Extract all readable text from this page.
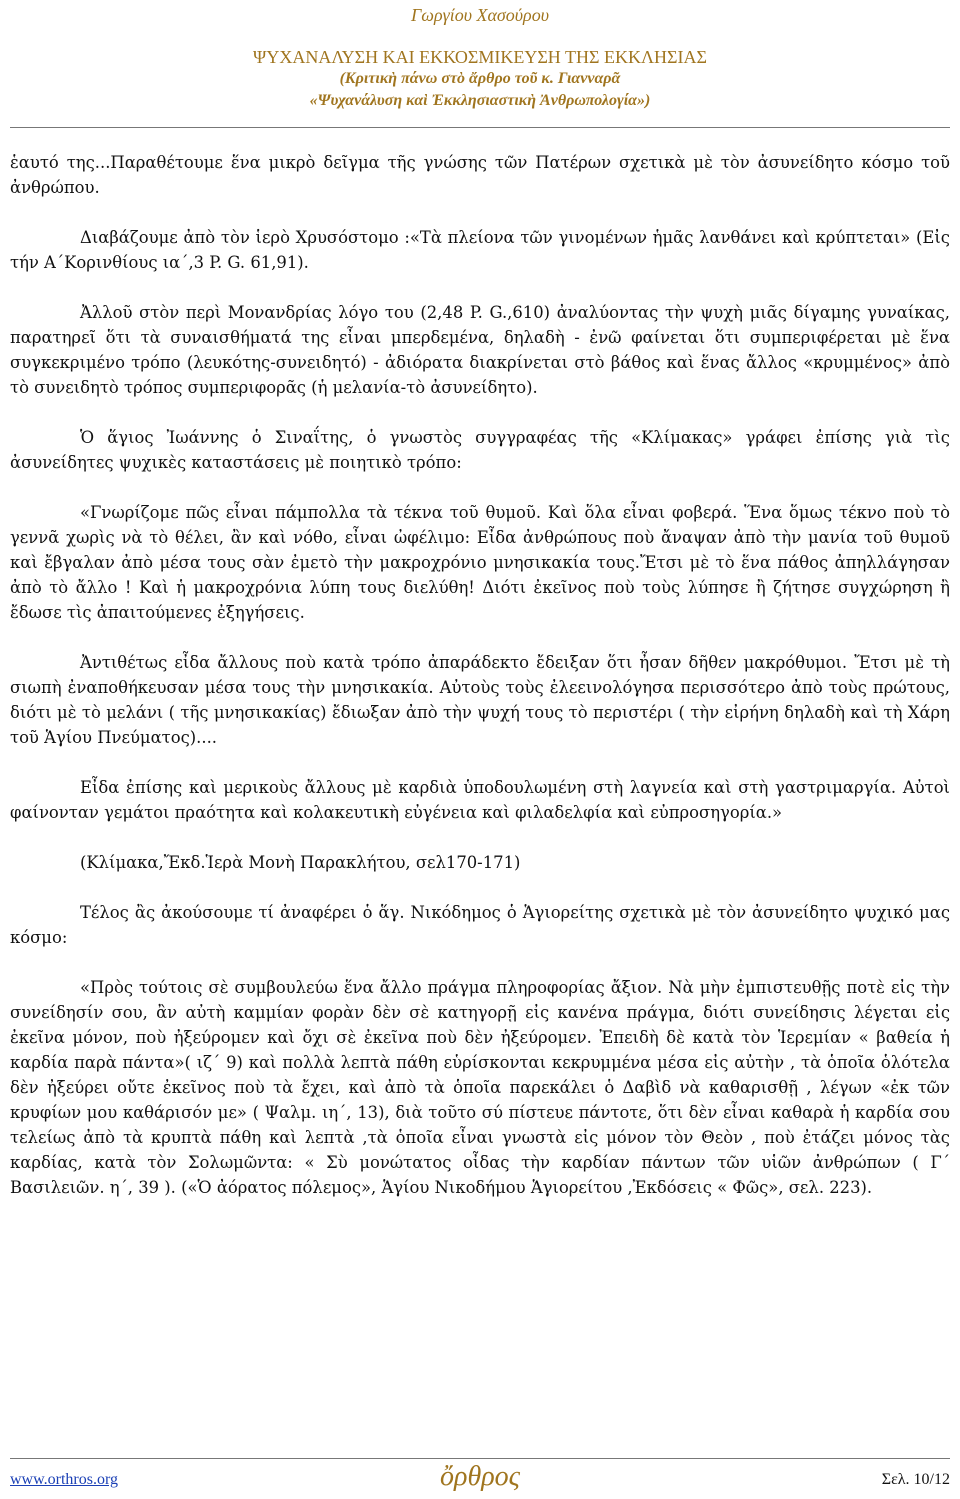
Γωργίου Χασούρου
ΨΥΧΑΝΑΛΥΣΗ ΚΑΙ ΕΚΚΟΣΜΙΚΕΥΣΗ ΤΗΣ ΕΚΚΛΗΣΙΑΣ
(Κριτικὴ πάνω στὸ ἄρθρο τοῦ κ. Γιανναρᾶ
«Ψυχανάλυση καὶ Ἐκκλησιαστικὴ Ἀνθρωπολογία»)

ἑαυτό της...Παραθέτουμε ἕνα μικρὸ δεῖγμα τῆς γνώσης τῶν Πατέρων σχετικὰ μὲ τὸν ἀσυνείδητο κόσμο τοῦ ἀνθρώπου.

Διαβάζουμε ἀπὸ τὸν ἱερὸ Χρυσόστομο :«Τὰ πλείονα τῶν γινομένων ἡμᾶς λανθάνει καὶ κρύπτεται» (Εἰς τήν Α΄Κορινθίους ια΄,3 P. G. 61,91).

Ἀλλοῦ στὸν περὶ Μονανδρίας λόγο του (2,48 P. G.,610) ἀναλύοντας τὴν ψυχὴ μιᾶς δίγαμης γυναίκας, παρατηρεῖ ὅτι τὰ συναισθήματά της εἶναι μπερδεμένα, δηλαδὴ - ἐνῶ φαίνεται ὅτι συμπεριφέρεται μὲ ἕνα συγκεκριμένο τρόπο (λευκότης-συνειδητό) - ἀδιόρατα διακρίνεται στὸ βάθος καὶ ἕνας ἄλλος «κρυμμένος» ἀπὸ τὸ συνειδητὸ τρόπος συμπεριφορᾶς (ἡ μελανία-τὸ ἀσυνείδητο).

Ὁ ἅγιος Ἰωάννης ὁ Σιναΐτης, ὁ γνωστὸς συγγραφέας τῆς «Κλίμακας» γράφει ἐπίσης γιὰ τὶς ἀσυνείδητες ψυχικὲς καταστάσεις μὲ ποιητικὸ τρόπο:

«Γνωρίζομε πῶς εἶναι πάμπολλα τὰ τέκνα τοῦ θυμοῦ. Καὶ ὅλα εἶναι φοβερά. Ἕνα ὅμως τέκνο ποὺ τὸ γεννᾶ χωρὶς νὰ τὸ θέλει, ἂν καὶ νόθο, εἶναι ὠφέλιμο: Εἶδα ἀνθρώπους ποὺ ἄναψαν ἀπὸ τὴν μανία τοῦ θυμοῦ καὶ ἔβγαλαν ἀπὸ μέσα τους σὰν ἐμετὸ τὴν μακροχρόνιο μνησικακία τους.Ἔτσι μὲ τὸ ἕνα πάθος ἀπηλλάγησαν ἀπὸ τὸ ἄλλο ! Καὶ ἡ μακροχρόνια λύπη τους διελύθη! Διότι ἐκεῖνος ποὺ τοὺς λύπησε ἢ ζήτησε συγχώρηση ἢ ἔδωσε τὶς ἀπαιτούμενες ἐξηγήσεις.

Ἀντιθέτως εἶδα ἄλλους ποὺ κατὰ τρόπο ἀπαράδεκτο ἔδειξαν ὅτι ἦσαν δῆθεν μακρόθυμοι. Ἔτσι μὲ τὴ σιωπὴ ἐναποθήκευσαν μέσα τους τὴν μνησικακία. Αὐτοὺς τοὺς ἐλεεινολόγησα περισσότερο ἀπὸ τοὺς πρώτους, διότι μὲ τὸ μελάνι ( τῆς μνησικακίας) ἔδιωξαν ἀπὸ τὴν ψυχή τους τὸ περιστέρι ( τὴν εἰρήνη δηλαδὴ καὶ τὴ Χάρη τοῦ Ἁγίου Πνεύματος)....

Εἶδα ἐπίσης καὶ μερικοὺς ἄλλους μὲ καρδιὰ ὑποδουλωμένη στὴ λαγνεία καὶ στὴ γαστριμαργία. Αὐτοὶ φαίνονταν γεμάτοι πραότητα καὶ κολακευτικὴ εὐγένεια καὶ φιλαδελφία καὶ εὐπροσηγορία.»

(Κλίμακα,Ἔκδ.Ἱερὰ Μονὴ Παρακλήτου, σελ170-171)

Τέλος ἂς ἀκούσουμε τί ἀναφέρει ὁ ἅγ. Νικόδημος ὁ Ἁγιορείτης σχετικὰ μὲ τὸν ἀσυνείδητο ψυχικό μας κόσμο:

«Πρὸς τούτοις σὲ συμβουλεύω ἕνα ἄλλο πράγμα πληροφορίας ἄξιον. Νὰ μὴν ἐμπιστευθῇς ποτὲ εἰς τὴν συνείδησίν σου, ἂν αὐτὴ καμμίαν φορὰν δὲν σὲ κατηγορῇ εἰς κανένα πράγμα, διότι συνείδησις λέγεται εἰς ἐκεῖνα μόνον, ποὺ ἠξεύρομεν καὶ ὄχι σὲ ἐκεῖνα ποὺ δὲν ἠξεύρομεν. Ἐπειδὴ δὲ κατὰ τὸν Ἱερεμίαν « βαθεία ἡ καρδία παρὰ πάντα»( ιζ΄ 9) καὶ πολλὰ λεπτὰ πάθη εὑρίσκονται κεκρυμμένα μέσα εἰς αὐτὴν , τὰ ὁποῖα ὁλότελα δὲν ἠξεύρει οὔτε ἐκεῖνος ποὺ τὰ ἔχει, καὶ ἀπὸ τὰ ὁποῖα παρεκάλει ὁ Δαβὶδ νὰ καθαρισθῇ , λέγων «ἐκ τῶν κρυφίων μου καθάρισόν με» ( Ψαλμ. ιη΄, 13), διὰ τοῦτο σύ πίστευε πάντοτε, ὅτι δὲν εἶναι καθαρὰ ἡ καρδία σου τελείως ἀπὸ τὰ κρυπτὰ πάθη καὶ λεπτὰ ,τὰ ὁποῖα εἶναι γνωστὰ εἰς μόνον τὸν Θεὸν , ποὺ ἐτάζει μόνος τὰς καρδίας, κατὰ τὸν Σολωμῶντα: « Σὺ μονώτατος οἶδας τὴν καρδίαν πάντων τῶν υἱῶν ἀνθρώπων ( Γ΄ Βασιλειῶν. η΄, 39 ). («Ὁ ἀόρατος πόλεμος», Ἁγίου Νικοδήμου Ἁγιορείτου ,Ἐκδόσεις « Φῶς», σελ. 223).

www.orthros.org	ὄρθρος	Σελ. 10/12
